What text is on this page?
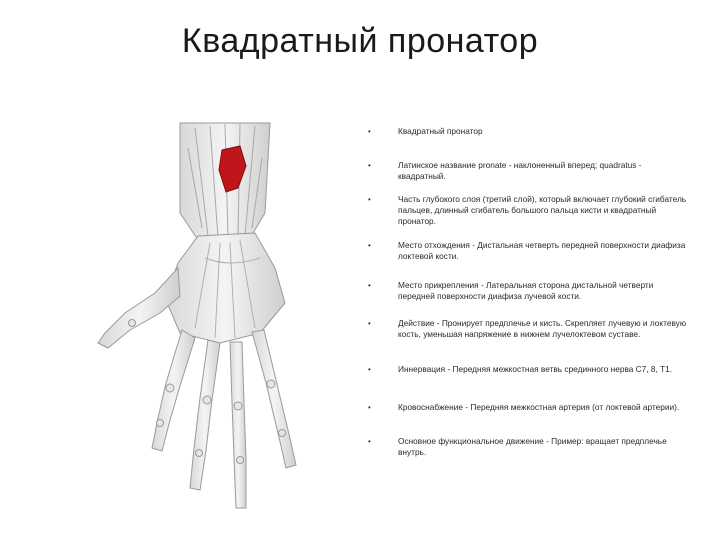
Квадратный пронатор
•	Квадратный пронатор
•	Латинское название pronate - наклоненный вперед; quadratus - квадратный.
•	Часть глубокого слоя (третий слой), который включает глубокий сгибатель пальцев, длинный сгибатель большого пальца кисти и квадратный пронатор.
•	Место отхождения - Дистальная четверть передней поверхности диафиза локтевой кости.
•	Место прикрепления - Латеральная сторона дистальной четверти передней поверхности диафиза лучевой кости.
•	Действие - Пронирует предплечье и кисть. Скрепляет лучевую и локтевую кость, уменьшая напряжение в нижнем лучелоктевом суставе.
•	Иннервация - Передняя межкостная ветвь срединного нерва С7, 8, Т1.
•	Кровоснабжение - Передняя межкостная артерия (от локтевой артерии).
•	Основное функциональное движение - Пример: вращает предплечье внутрь.
